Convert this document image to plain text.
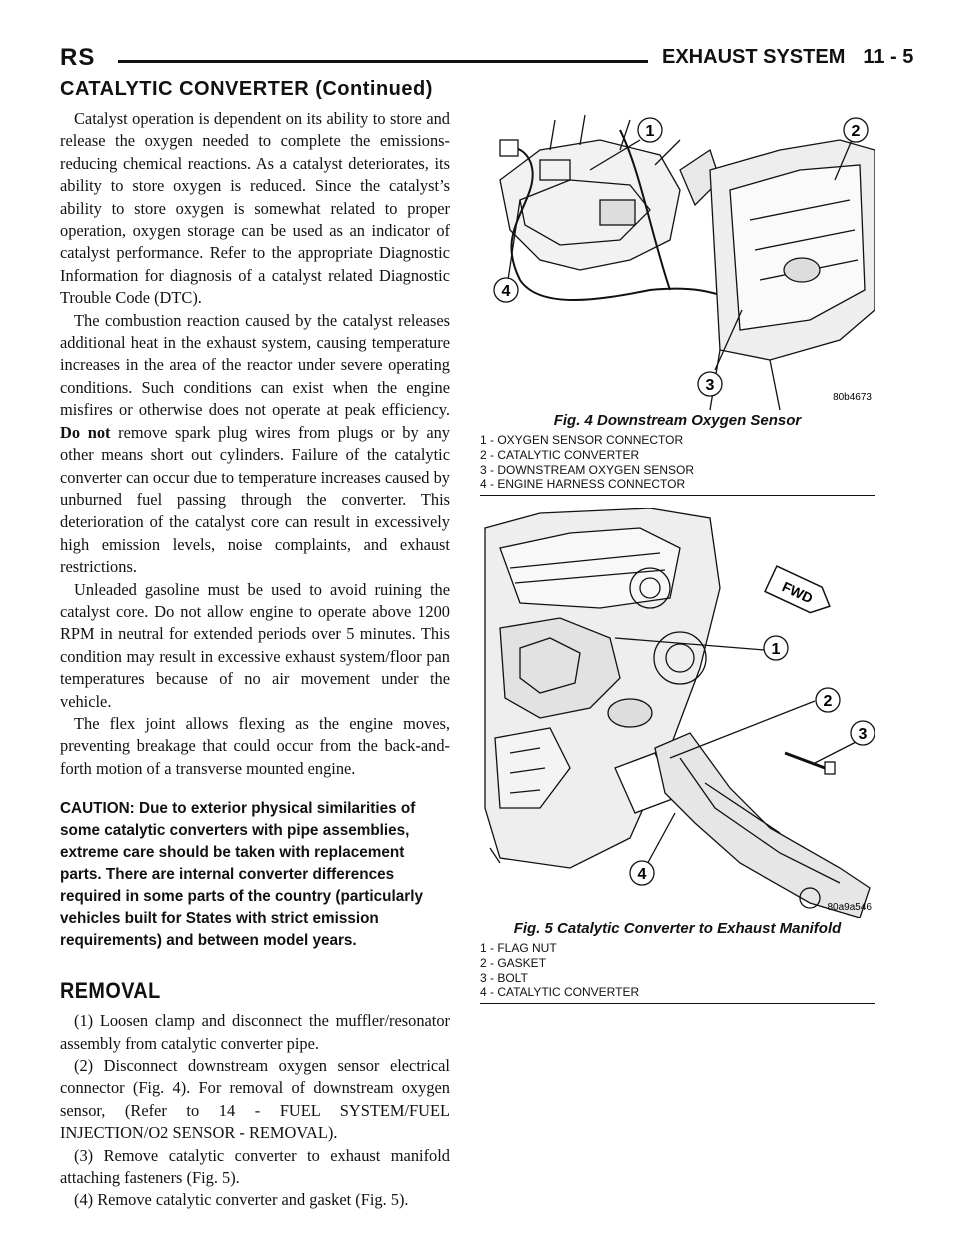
RS	EXHAUST SYSTEM 11 - 5
CATALYTIC CONVERTER (Continued)

Catalyst operation is dependent on its ability to store and release the oxygen needed to complete the emissions-reducing chemical reactions. As a catalyst deteriorates, its ability to store oxygen is reduced. Since the catalyst’s ability to store oxygen is somewhat related to proper operation, oxygen storage can be used as an indicator of catalyst performance. Refer to the appropriate Diagnostic Information for diagnosis of a catalyst related Diagnostic Trouble Code (DTC).

The combustion reaction caused by the catalyst releases additional heat in the exhaust system, causing temperature increases in the area of the reactor under severe operating conditions. Such conditions can exist when the engine misfires or otherwise does not operate at peak efficiency. Do not remove spark plug wires from plugs or by any other means short out cylinders. Failure of the catalytic converter can occur due to temperature increases caused by unburned fuel passing through the converter. This deterioration of the catalyst core can result in excessively high emission levels, noise complaints, and exhaust restrictions.

Unleaded gasoline must be used to avoid ruining the catalyst core. Do not allow engine to operate above 1200 RPM in neutral for extended periods over 5 minutes. This condition may result in excessive exhaust system/floor pan temperatures because of no air movement under the vehicle.

The flex joint allows flexing as the engine moves, preventing breakage that could occur from the back-and-forth motion of a transverse mounted engine.

CAUTION: Due to exterior physical similarities of some catalytic converters with pipe assemblies, extreme care should be taken with replacement parts. There are internal converter differences required in some parts of the country (particularly vehicles built for States with strict emission requirements) and between model years.

REMOVAL

(1) Loosen clamp and disconnect the muffler/resonator assembly from catalytic converter pipe.

(2) Disconnect downstream oxygen sensor electrical connector (Fig. 4). For removal of downstream oxygen sensor, (Refer to 14 - FUEL SYSTEM/FUEL INJECTION/O2 SENSOR - REMOVAL).

(3) Remove catalytic converter to exhaust manifold attaching fasteners (Fig. 5).

(4) Remove catalytic converter and gasket (Fig. 5).

1	2
3
4
80b4673
Fig. 4 Downstream Oxygen Sensor
1 - OXYGEN SENSOR CONNECTOR
2 - CATALYTIC CONVERTER
3 - DOWNSTREAM OXYGEN SENSOR
4 - ENGINE HARNESS CONNECTOR
FWD
1
2
3
4
80a9a546
Fig. 5 Catalytic Converter to Exhaust Manifold
1 - FLAG NUT
2 - GASKET
3 - BOLT
4 - CATALYTIC CONVERTER
